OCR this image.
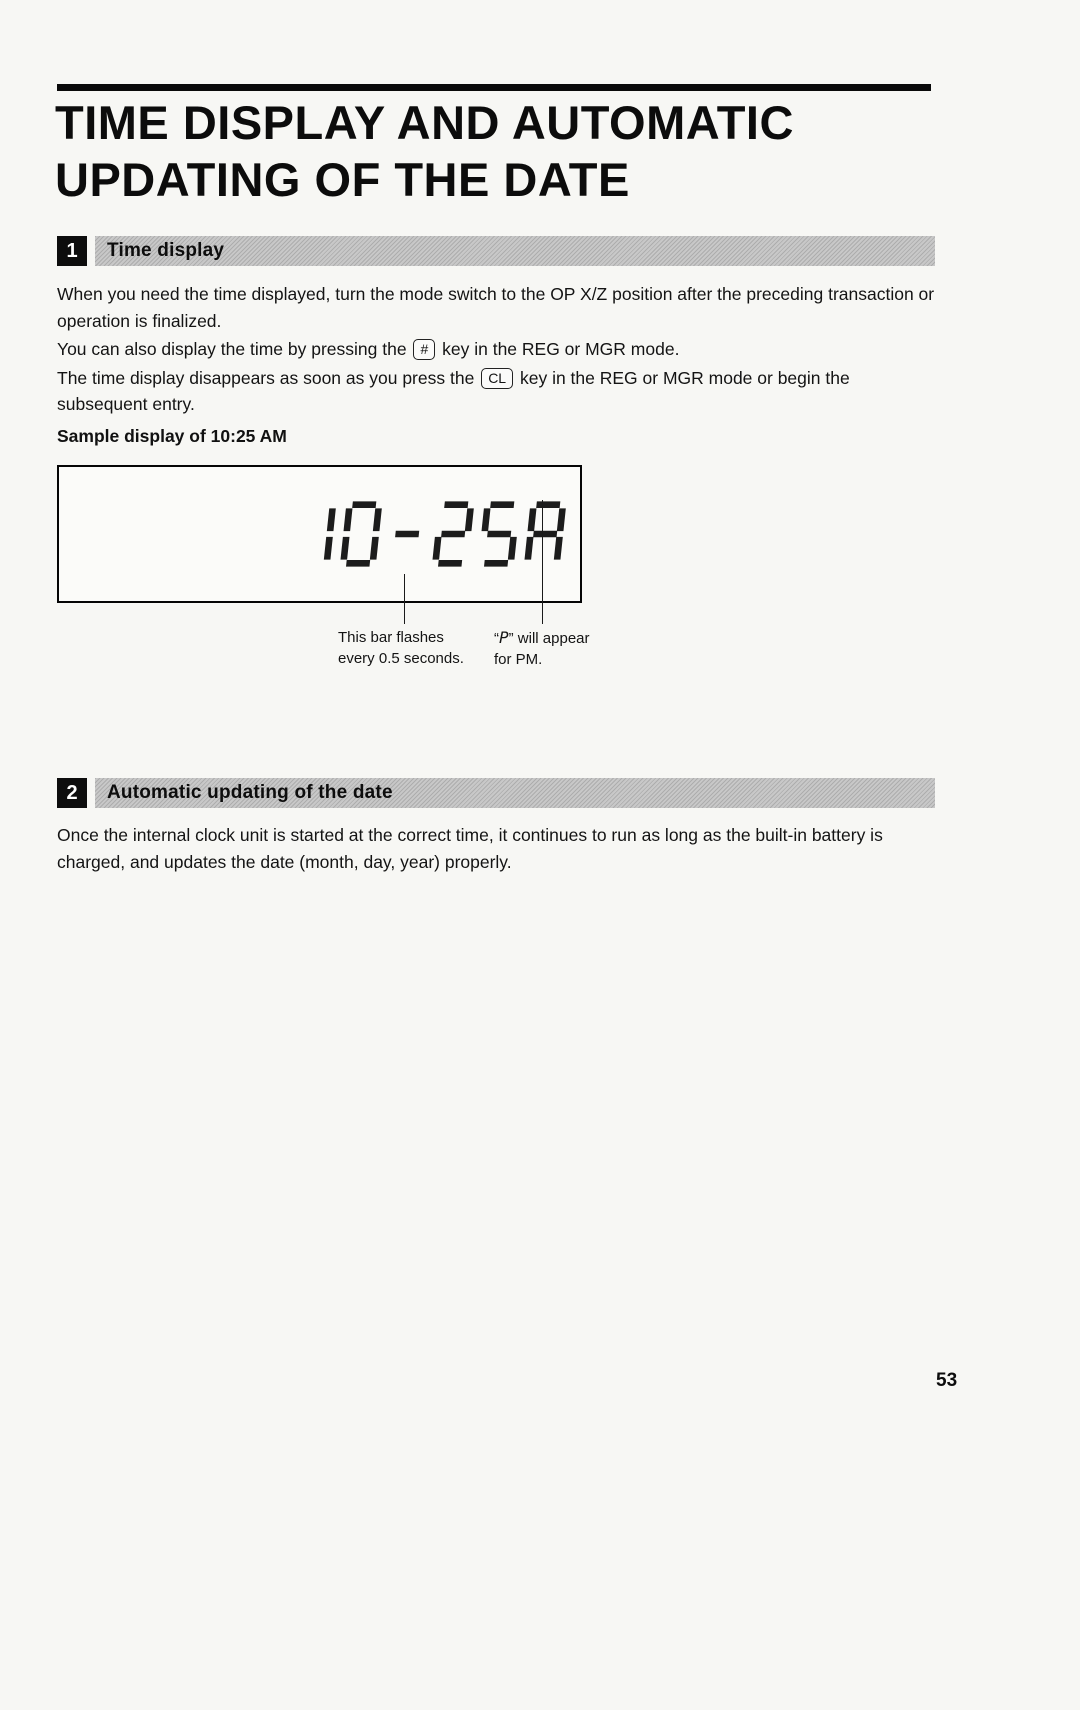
TIME DISPLAY AND AUTOMATIC
UPDATING OF THE DATE
1	Time display

When you need the time displayed, turn the mode switch to the OP X/Z position after the preceding transaction or operation is finalized.

You can also display the time by pressing the # key in the REG or MGR mode.

The time display disappears as soon as you press the CL key in the REG or MGR mode or begin the subsequent entry.

Sample display of 10:25 AM
This bar flashes
every 0.5 seconds.
“P” will appear
for PM.
2	Automatic updating of the date

Once the internal clock unit is started at the correct time, it continues to run as long as the built-in battery is charged, and updates the date (month, day, year) properly.

53
